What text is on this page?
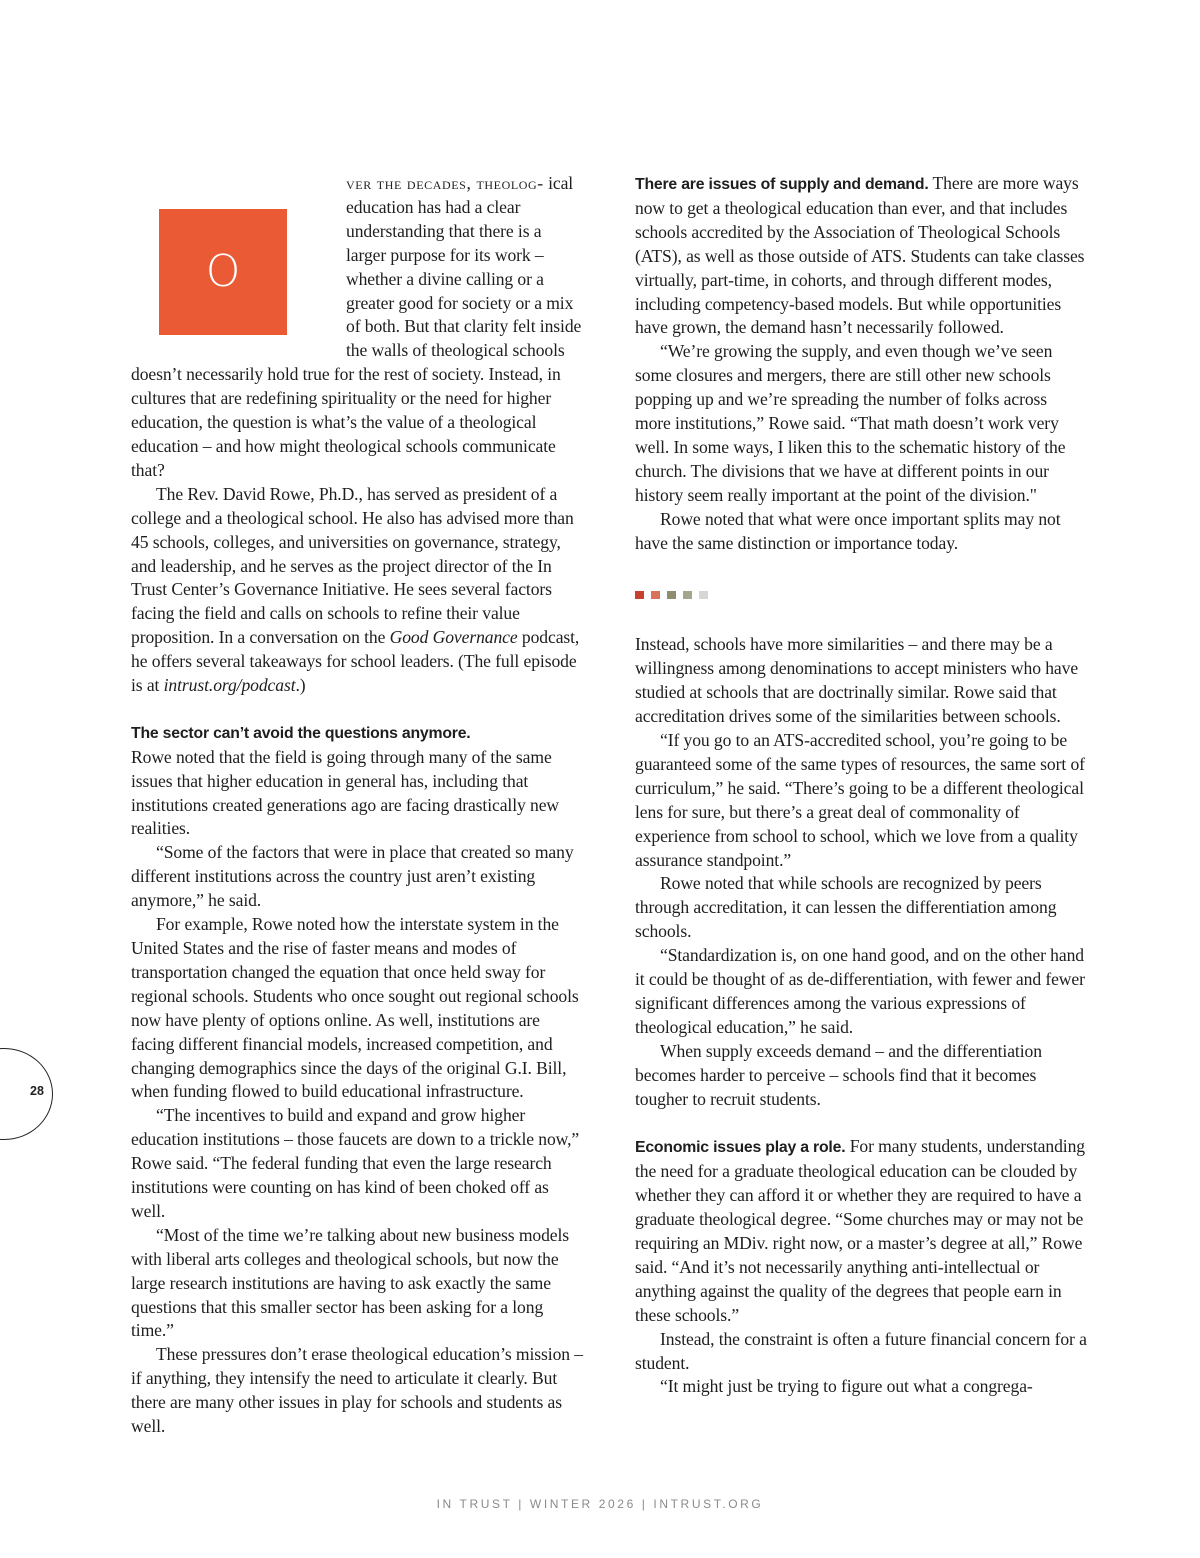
28
O

ver the decades, theolog- ical education has had a clear understanding that there is a larger purpose for its work – whether a divine calling or a greater good for society or a mix of both. But that clarity felt inside the walls of theological schools doesn’t necessarily hold true for the rest of society. Instead, in cultures that are redefining spirituality or the need for higher education, the question is what’s the value of a theological education – and how might theological schools communicate that?

The Rev. David Rowe, Ph.D., has served as president of a college and a theological school. He also has advised more than 45 schools, colleges, and universities on governance, strategy, and leadership, and he serves as the project director of the In Trust Center’s Governance Initiative. He sees several factors facing the field and calls on schools to refine their value proposition. In a conversation on the Good Governance podcast, he offers several takeaways for school leaders. (The full episode is at intrust.org/podcast.)

The sector can’t avoid the questions anymore.

Rowe noted that the field is going through many of the same issues that higher education in general has, including that institutions created generations ago are facing drastically new realities.

“Some of the factors that were in place that created so many different institutions across the country just aren’t existing anymore,” he said.

For example, Rowe noted how the interstate system in the United States and the rise of faster means and modes of transportation changed the equation that once held sway for regional schools. Students who once sought out regional schools now have plenty of options online. As well, institutions are facing different financial models, increased competition, and changing demographics since the days of the original G.I. Bill, when funding flowed to build educational infrastructure.

“The incentives to build and expand and grow higher education institutions – those faucets are down to a trickle now,” Rowe said. “The federal funding that even the large research institutions were counting on has kind of been choked off as well.

“Most of the time we’re talking about new business models with liberal arts colleges and theological schools, but now the large research institutions are having to ask exactly the same questions that this smaller sector has been asking for a long time.”

These pressures don’t erase theological education’s mission – if anything, they intensify the need to articulate it clearly. But there are many other issues in play for schools and students as well.

There are issues of supply and demand. There are more ways now to get a theological education than ever, and that includes schools accredited by the Association of Theological Schools (ATS), as well as those outside of ATS. Students can take classes virtually, part-time, in cohorts, and through different modes, including competency-based models. But while opportunities have grown, the demand hasn’t necessarily followed.

“We’re growing the supply, and even though we’ve seen some closures and mergers, there are still other new schools popping up and we’re spreading the number of folks across more institutions,” Rowe said. “That math doesn’t work very well. In some ways, I liken this to the schematic history of the church. The divisions that we have at different points in our history seem really important at the point of the division."

Rowe noted that what were once important splits may not have the same distinction or importance today.

Instead, schools have more similarities – and there may be a willingness among denominations to accept ministers who have studied at schools that are doctrinally similar. Rowe said that accreditation drives some of the similarities between schools.

“If you go to an ATS-accredited school, you’re going to be guaranteed some of the same types of resources, the same sort of curriculum,” he said. “There’s going to be a different theological lens for sure, but there’s a great deal of commonality of experience from school to school, which we love from a quality assurance standpoint.”

Rowe noted that while schools are recognized by peers through accreditation, it can lessen the differentiation among schools.

“Standardization is, on one hand good, and on the other hand it could be thought of as de-differentiation, with fewer and fewer significant differences among the various expressions of theological education,” he said.

When supply exceeds demand – and the differentiation becomes harder to perceive – schools find that it becomes tougher to recruit students.

Economic issues play a role. For many students, understanding the need for a graduate theological education can be clouded by whether they can afford it or whether they are required to have a graduate theological degree. “Some churches may or may not be requiring an MDiv. right now, or a master’s degree at all,” Rowe said. “And it’s not necessarily anything anti-intellectual or anything against the quality of the degrees that people earn in these schools.”

Instead, the constraint is often a future financial concern for a student.

“It might just be trying to figure out what a congrega-

IN TRUST | WINTER 2026 | INTRUST.ORG
